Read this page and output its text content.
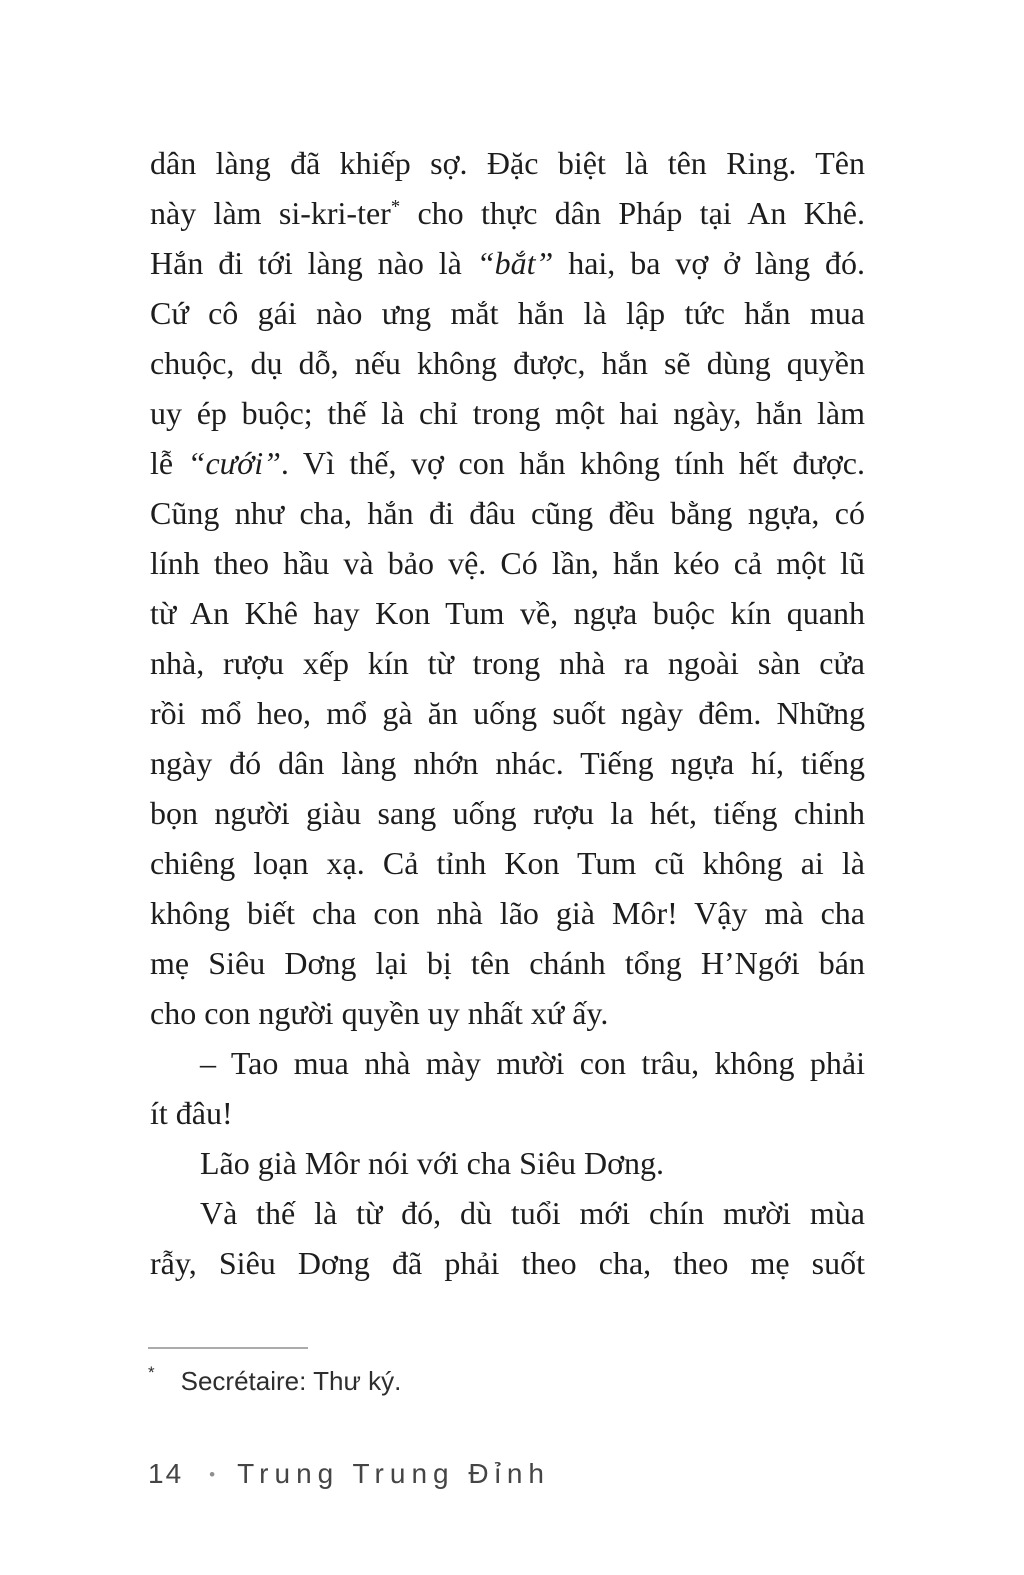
dân làng đã khiếp sợ. Đặc biệt là tên Ring. Tên
này làm si-kri-ter* cho thực dân Pháp tại An Khê.
Hắn đi tới làng nào là “bắt” hai, ba vợ ở làng đó.
Cứ cô gái nào ưng mắt hắn là lập tức hắn mua
chuộc, dụ dỗ, nếu không được, hắn sẽ dùng quyền
uy ép buộc; thế là chỉ trong một hai ngày, hắn làm
lễ “cưới”. Vì thế, vợ con hắn không tính hết được.
Cũng như cha, hắn đi đâu cũng đều bằng ngựa, có
lính theo hầu và bảo vệ. Có lần, hắn kéo cả một lũ
từ An Khê hay Kon Tum về, ngựa buộc kín quanh
nhà, rượu xếp kín từ trong nhà ra ngoài sàn cửa
rồi mổ heo, mổ gà ăn uống suốt ngày đêm. Những
ngày đó dân làng nhớn nhác. Tiếng ngựa hí, tiếng
bọn người giàu sang uống rượu la hét, tiếng chinh
chiêng loạn xạ. Cả tỉnh Kon Tum cũ không ai là
không biết cha con nhà lão già Môr! Vậy mà cha
mẹ Siêu Dơng lại bị tên chánh tổng H’Ngới bán
cho con người quyền uy nhất xứ ấy.
– Tao mua nhà mày mười con trâu, không phải
ít đâu!
Lão già Môr nói với cha Siêu Dơng.
Và thế là từ đó, dù tuổi mới chín mười mùa
rẫy, Siêu Dơng đã phải theo cha, theo mẹ suốt
* Secrétaire: Thư ký.
14 • Trung Trung Đỉnh
